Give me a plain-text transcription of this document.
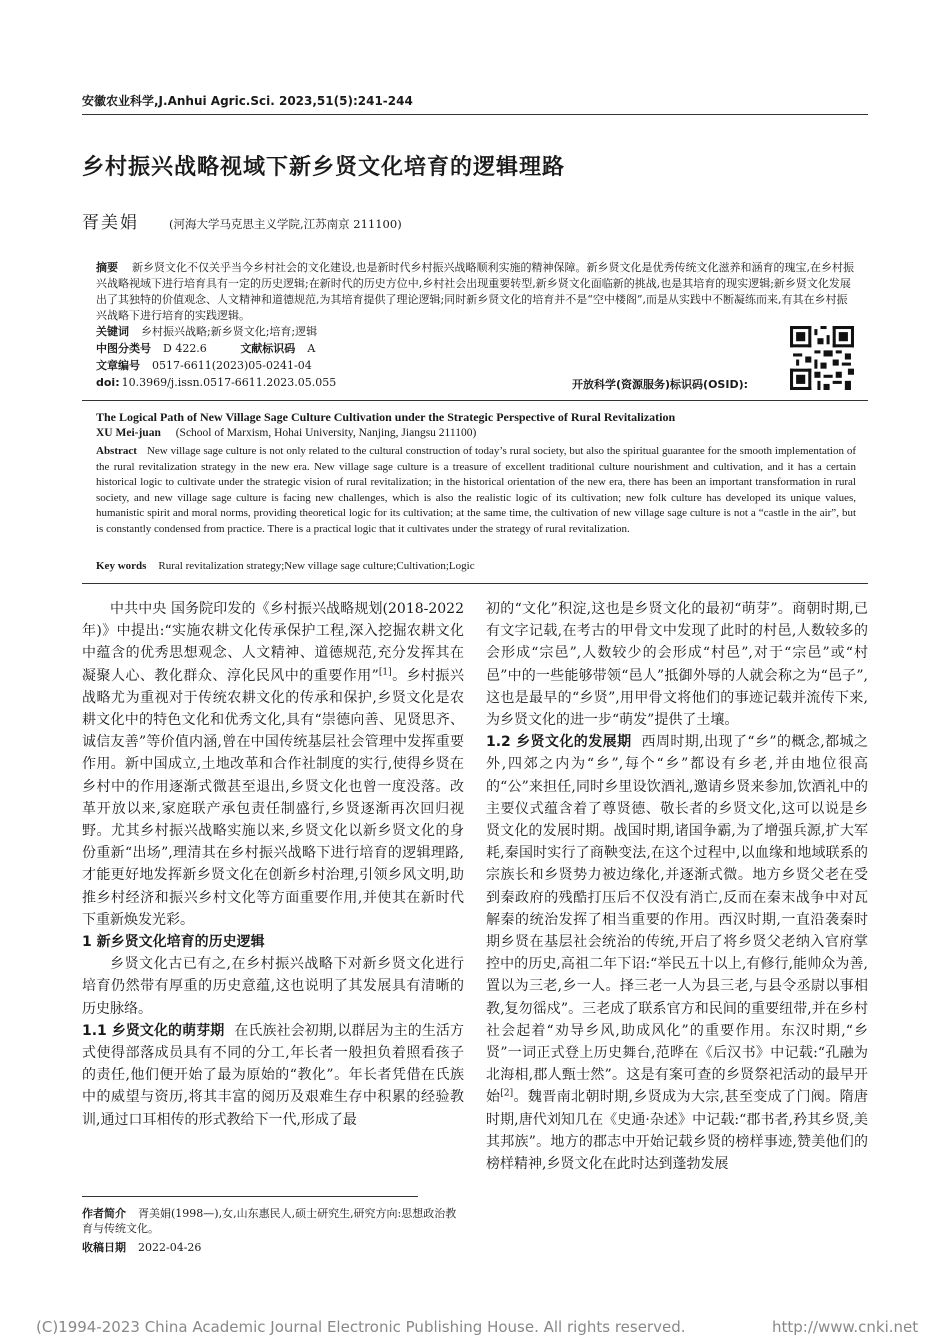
安徽农业科学,J.Anhui Agric.Sci. 2023,51(5):241-244
乡村振兴战略视域下新乡贤文化培育的逻辑理路
胥美娟	(河海大学马克思主义学院,江苏南京 211100)
摘要 新乡贤文化不仅关乎当今乡村社会的文化建设,也是新时代乡村振兴战略顺利实施的精神保障。新乡贤文化是优秀传统文化滋养和涵育的瑰宝,在乡村振兴战略视域下进行培育具有一定的历史逻辑;在新时代的历史方位中,乡村社会出现重要转型,新乡贤文化面临新的挑战,也是其培育的现实逻辑;新乡贤文化发展出了其独特的价值观念、人文精神和道德规范,为其培育提供了理论逻辑;同时新乡贤文化的培育并不是“空中楼阁”,而是从实践中不断凝练而来,有其在乡村振兴战略下进行培育的实践逻辑。
关键词 乡村振兴战略;新乡贤文化;培育;逻辑
中图分类号 D 422.6	文献标识码 A
文章编号 0517-6611(2023)05-0241-04
doi: 10.3969/j.issn.0517-6611.2023.05.055	开放科学(资源服务)标识码(OSID):
The Logical Path of New Village Sage Culture Cultivation under the Strategic Perspective of Rural Revitalization
XU Mei-juan (School of Marxism, Hohai University, Nanjing, Jiangsu 211100)
Abstract New village sage culture is not only related to the cultural construction of today’s rural society, but also the spiritual guarantee for the smooth implementation of the rural revitalization strategy in the new era. New village sage culture is a treasure of excellent traditional culture nourishment and cultivation, and it has a certain historical logic to cultivate under the strategic vision of rural revitalization; in the historical orientation of the new era, there has been an important transformation in rural society, and new village sage culture is facing new challenges, which is also the realistic logic of its cultivation; new folk culture has developed its unique values, humanistic spirit and moral norms, providing theoretical logic for its cultivation; at the same time, the cultivation of new village sage culture is not a “castle in the air”, but is constantly condensed from practice. There is a practical logic that it cultivates under the strategy of rural revitalization.
Key words Rural revitalization strategy;New village sage culture;Cultivation;Logic

中共中央 国务院印发的《乡村振兴战略规划(2018-2022年)》中提出:“实施农耕文化传承保护工程,深入挖掘农耕文化中蕴含的优秀思想观念、人文精神、道德规范,充分发挥其在凝聚人心、教化群众、淳化民风中的重要作用”[1]。乡村振兴战略尤为重视对于传统农耕文化的传承和保护,乡贤文化是农耕文化中的特色文化和优秀文化,具有“崇德向善、见贤思齐、诚信友善”等价值内涵,曾在中国传统基层社会管理中发挥重要作用。新中国成立,土地改革和合作社制度的实行,使得乡贤在乡村中的作用逐渐式微甚至退出,乡贤文化也曾一度没落。改革开放以来,家庭联产承包责任制盛行,乡贤逐渐再次回归视野。尤其乡村振兴战略实施以来,乡贤文化以新乡贤文化的身份重新“出场”,理清其在乡村振兴战略下进行培育的逻辑理路,才能更好地发挥新乡贤文化在创新乡村治理,引领乡风文明,助推乡村经济和振兴乡村文化等方面重要作用,并使其在新时代下重新焕发光彩。

1 新乡贤文化培育的历史逻辑

乡贤文化古已有之,在乡村振兴战略下对新乡贤文化进行培育仍然带有厚重的历史意蕴,这也说明了其发展具有清晰的历史脉络。

1.1 乡贤文化的萌芽期 在氏族社会初期,以群居为主的生活方式使得部落成员具有不同的分工,年长者一般担负着照看孩子的责任,他们便开始了最为原始的“教化”。年长者凭借在氏族中的威望与资历,将其丰富的阅历及艰难生存中积累的经验教训,通过口耳相传的形式教给下一代,形成了最

初的“文化”积淀,这也是乡贤文化的最初“萌芽”。商朝时期,已有文字记载,在考古的甲骨文中发现了此时的村邑,人数较多的会形成“宗邑”,人数较少的会形成“村邑”,对于“宗邑”或“村邑”中的一些能够带领“邑人”抵御外辱的人就会称之为“邑子”,这也是最早的“乡贤”,用甲骨文将他们的事迹记载并流传下来,为乡贤文化的进一步“萌发”提供了土壤。

1.2 乡贤文化的发展期 西周时期,出现了“乡”的概念,都城之外,四郊之内为“乡”,每个“乡”都设有乡老,并由地位很高的“公”来担任,同时乡里设饮酒礼,邀请乡贤来参加,饮酒礼中的主要仪式蕴含着了尊贤德、敬长者的乡贤文化,这可以说是乡贤文化的发展时期。战国时期,诸国争霸,为了增强兵源,扩大军耗,秦国时实行了商鞅变法,在这个过程中,以血缘和地域联系的宗族长和乡贤势力被边缘化,并逐渐式微。地方乡贤父老在受到秦政府的残酷打压后不仅没有消亡,反而在秦末战争中对瓦解秦的统治发挥了相当重要的作用。西汉时期,一直沿袭秦时期乡贤在基层社会统治的传统,开启了将乡贤父老纳入官府掌控中的历史,高祖二年下诏:“举民五十以上,有修行,能帅众为善,置以为三老,乡一人。择三老一人为县三老,与县令丞尉以事相教,复勿徭戍”。三老成了联系官方和民间的重要纽带,并在乡村社会起着“劝导乡风,助成风化”的重要作用。东汉时期,“乡贤”一词正式登上历史舞台,范晔在《后汉书》中记载:“孔融为北海相,郡人甄士然”。这是有案可查的乡贤祭祀活动的最早开始[2]。魏晋南北朝时期,乡贤成为大宗,甚至变成了门阀。隋唐时期,唐代刘知几在《史通·杂述》中记载:“郡书者,矜其乡贤,美其邦族”。地方的郡志中开始记载乡贤的榜样事迹,赞美他们的榜样精神,乡贤文化在此时达到蓬勃发展

作者简介 胥美娟(1998—),女,山东惠民人,硕士研究生,研究方向:思想政治教育与传统文化。
收稿日期 2022-04-26
(C)1994-2023 China Academic Journal Electronic Publishing House. All rights reserved.	http://www.cnki.net
